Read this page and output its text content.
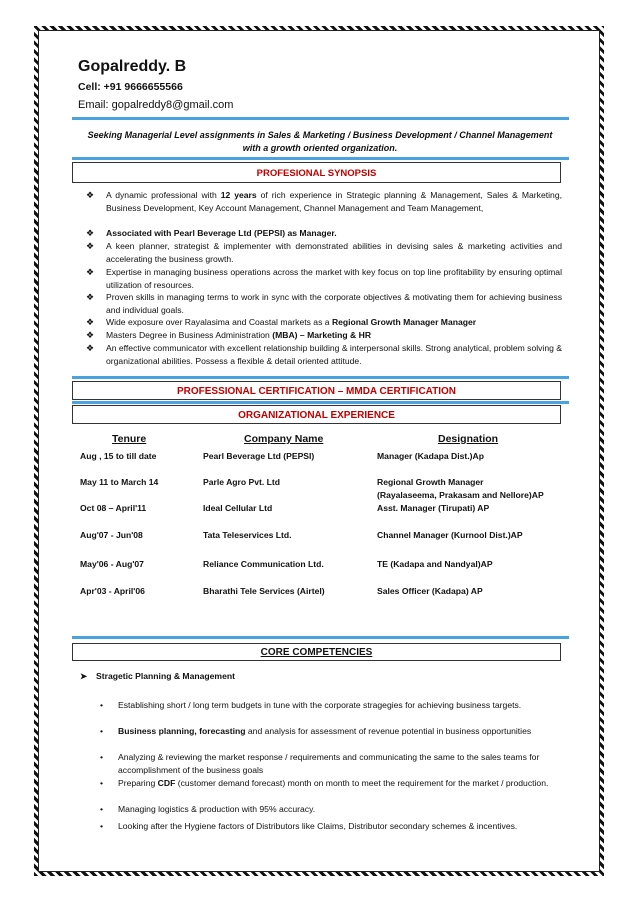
Gopalreddy. B
Cell: +91 9666655566
Email: gopalreddy8@gmail.com
Seeking Managerial Level assignments in Sales & Marketing / Business Development / Channel Management with a growth oriented organization.
PROFESIONAL SYNOPSIS
❖ A dynamic professional with 12 years of rich experience in Strategic planning & Management, Sales & Marketing, Business Development, Key Account Management, Channel Management and Team Management,
❖ Associated with Pearl Beverage Ltd (PEPSI) as Manager.
❖ A keen planner, strategist & implementer with demonstrated abilities in devising sales & marketing activities and accelerating the business growth.
❖ Expertise in managing business operations across the market with key focus on top line profitability by ensuring optimal utilization of resources.
❖ Proven skills in managing terms to work in sync with the corporate objectives & motivating them for achieving business and individual goals.
❖ Wide exposure over Rayalasima and Coastal markets as a Regional Growth Manager Manager
❖ Masters Degree in Business Administration (MBA) – Marketing & HR
❖ An effective communicator with excellent relationship building & interpersonal skills. Strong analytical, problem solving & organizational abilities. Possess a flexible & detail oriented attitude.
PROFESSIONAL CERTIFICATION – MMDA CERTIFICATION
ORGANIZATIONAL EXPERIENCE
Tenure	Company Name	Designation
Aug , 15 to till date	Pearl Beverage Ltd (PEPSI)	Manager (Kadapa Dist.)Ap
May 11 to March 14	Parle Agro Pvt. Ltd	Regional Growth Manager
(Rayalaseema, Prakasam and Nellore)AP
Oct 08 – April'11	Ideal Cellular Ltd	Asst. Manager (Tirupati) AP
Aug'07 - Jun'08	Tata Teleservices Ltd.	Channel Manager (Kurnool Dist.)AP
May'06 - Aug'07	Reliance Communication Ltd.	TE (Kadapa and Nandyal)AP
Apr'03 - April'06	Bharathi Tele Services (Airtel)	Sales Officer (Kadapa) AP
CORE COMPETENCIES
➤ Stragetic Planning & Management
• Establishing short / long term budgets in tune with the corporate stragegies for achieving business targets.
• Business planning, forecasting and analysis for assessment of revenue potential in business opportunities
• Analyzing & reviewing the market response / requirements and communicating the same to the sales teams for accomplishment of the business goals
• Preparing CDF (customer demand forecast) month on month to meet the requirement for the market / production.
• Managing logistics & production with 95% accuracy.
• Looking after the Hygiene factors of Distributors like Claims, Distributor secondary schemes & incentives.
